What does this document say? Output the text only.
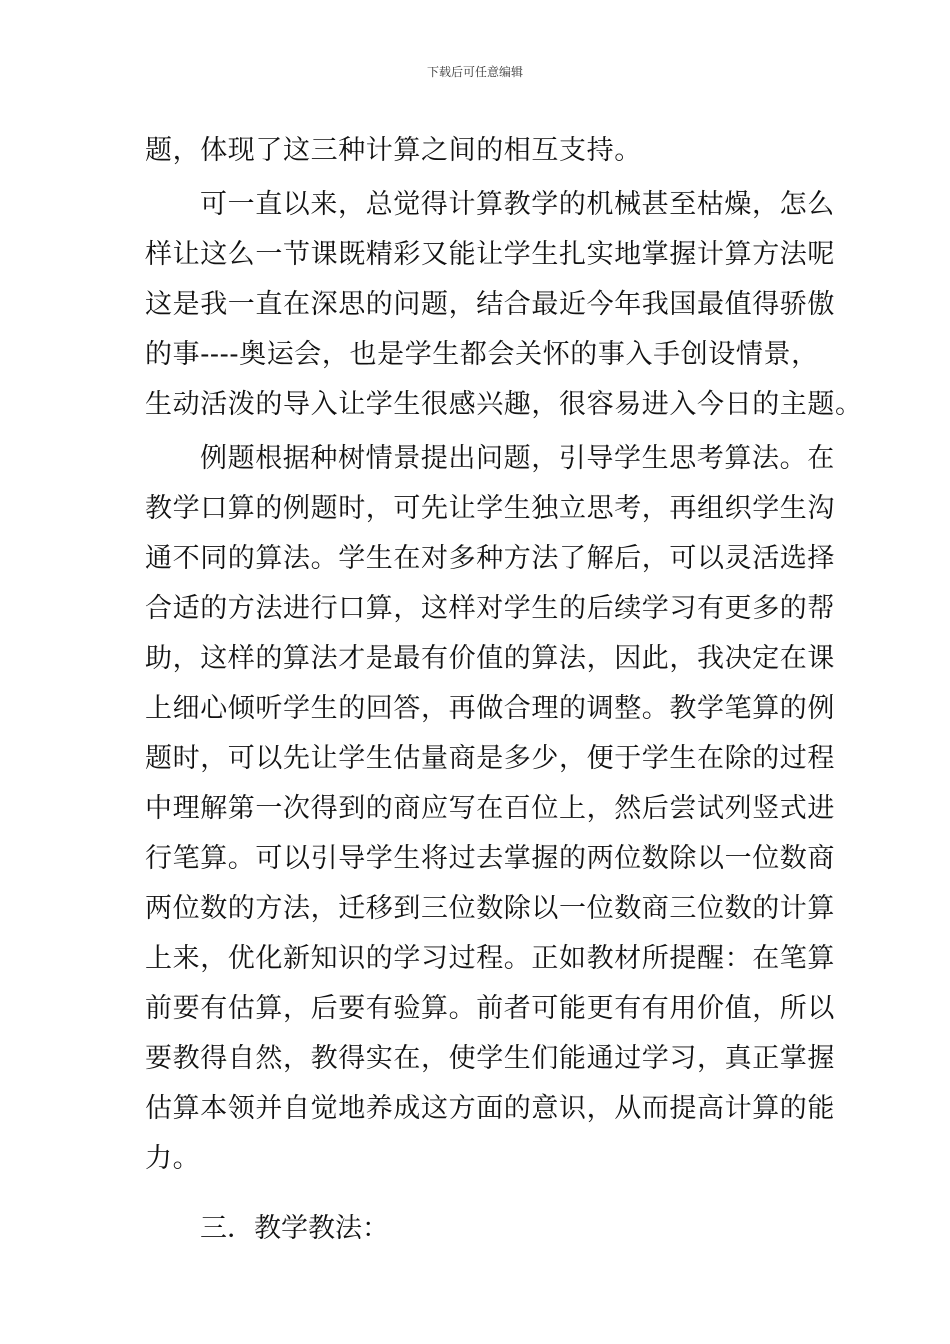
下载后可任意编辑
题，体现了这三种计算之间的相互支持。
可一直以来，总觉得计算教学的机械甚至枯燥，怎么
样让这么一节课既精彩又能让学生扎实地掌握计算方法呢
这是我一直在深思的问题，结合最近今年我国最值得骄傲
的事----奥运会，也是学生都会关怀的事入手创设情景，
生动活泼的导入让学生很感兴趣，很容易进入今日的主题。
例题根据种树情景提出问题，引导学生思考算法。在
教学口算的例题时，可先让学生独立思考，再组织学生沟
通不同的算法。学生在对多种方法了解后，可以灵活选择
合适的方法进行口算，这样对学生的后续学习有更多的帮
助，这样的算法才是最有价值的算法，因此，我决定在课
上细心倾听学生的回答，再做合理的调整。教学笔算的例
题时，可以先让学生估量商是多少，便于学生在除的过程
中理解第一次得到的商应写在百位上，然后尝试列竖式进
行笔算。可以引导学生将过去掌握的两位数除以一位数商
两位数的方法，迁移到三位数除以一位数商三位数的计算
上来，优化新知识的学习过程。正如教材所提醒：在笔算
前要有估算，后要有验算。前者可能更有有用价值，所以
要教得自然，教得实在，使学生们能通过学习，真正掌握
估算本领并自觉地养成这方面的意识，从而提高计算的能
力。
三．教学教法：
